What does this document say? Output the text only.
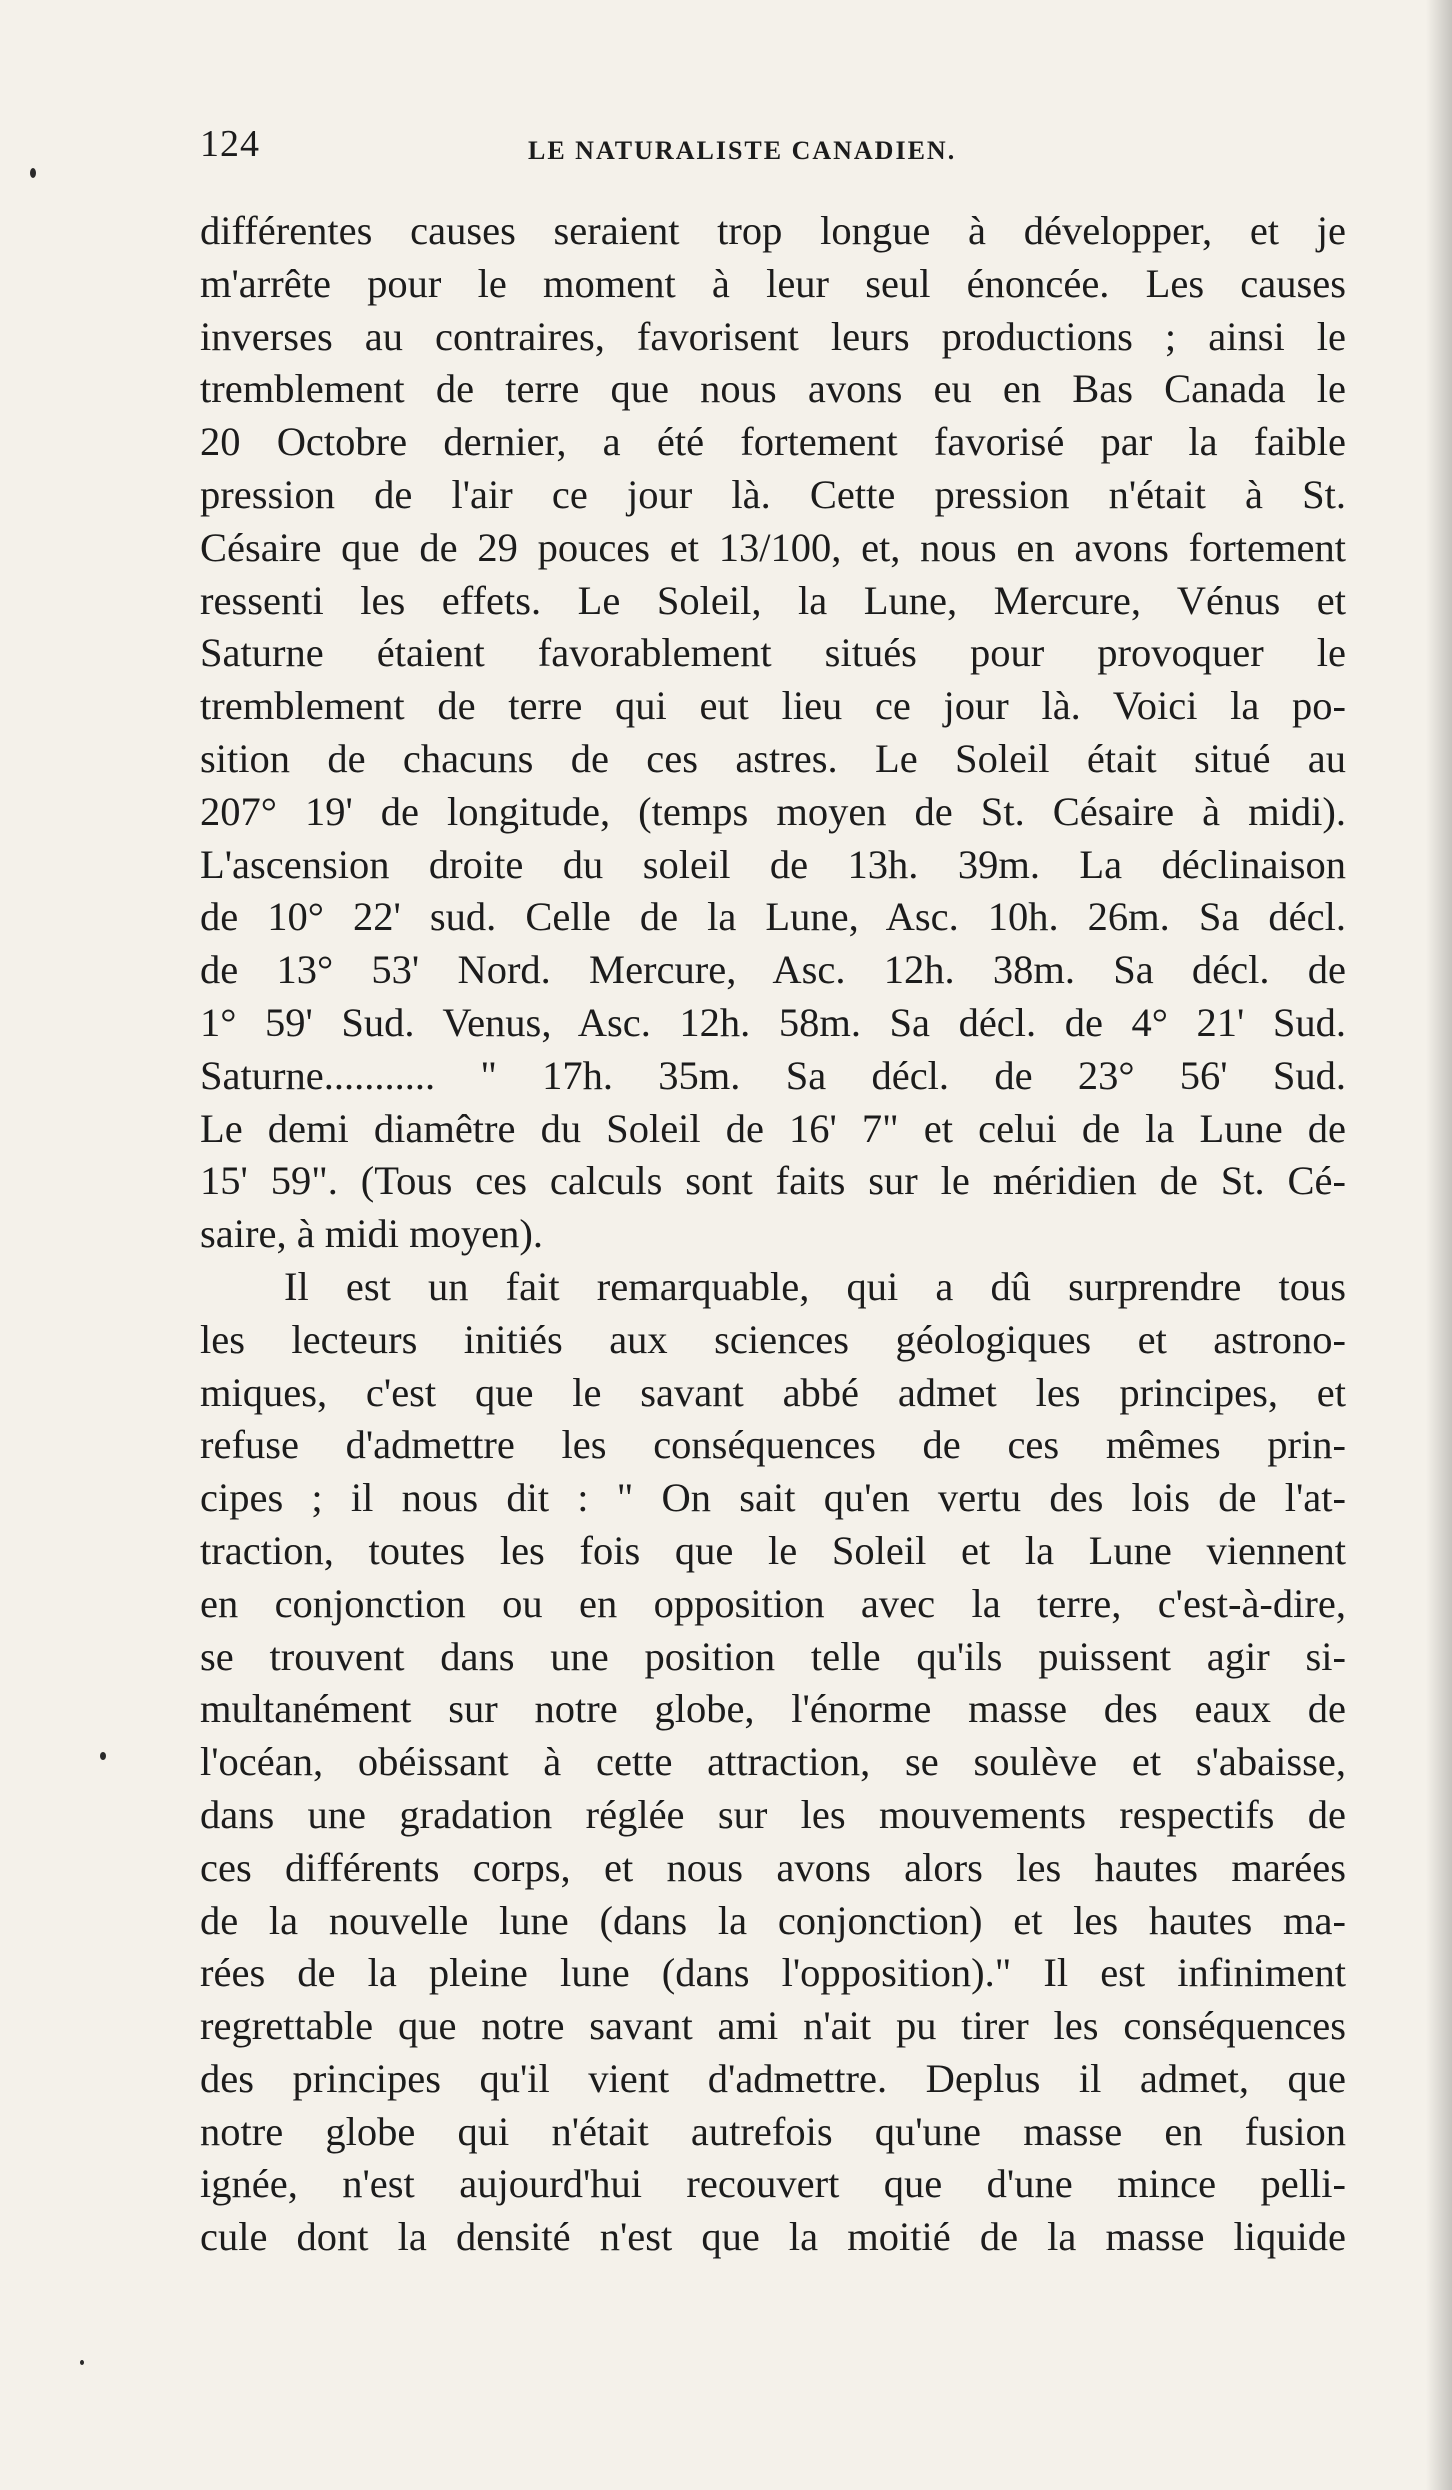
124	LE NATURALISTE CANADIEN.
différentes causes seraient trop longue à développer, et je
m'arrête pour le moment à leur seul énoncée. Les causes
inverses au contraires, favorisent leurs productions ; ainsi le
tremblement de terre que nous avons eu en Bas Canada le
20 Octobre dernier, a été fortement favorisé par la faible
pression de l'air ce jour là. Cette pression n'était à St.
Césaire que de 29 pouces et 13/100, et, nous en avons fortement
ressenti les effets. Le Soleil, la Lune, Mercure, Vénus et
Saturne étaient favorablement situés pour provoquer le
tremblement de terre qui eut lieu ce jour là. Voici la po-
sition de chacuns de ces astres. Le Soleil était situé au
207° 19' de longitude, (temps moyen de St. Césaire à midi).
L'ascension droite du soleil de 13h. 39m. La déclinaison
de 10° 22' sud. Celle de la Lune, Asc. 10h. 26m. Sa décl.
de 13° 53' Nord. Mercure, Asc. 12h. 38m. Sa décl. de
1° 59' Sud. Venus, Asc. 12h. 58m. Sa décl. de 4° 21' Sud.
Saturne........... " 17h. 35m. Sa décl. de 23° 56' Sud.
Le demi diamêtre du Soleil de 16' 7" et celui de la Lune de
15' 59". (Tous ces calculs sont faits sur le méridien de St. Cé-
saire, à midi moyen).
Il est un fait remarquable, qui a dû surprendre tous
les lecteurs initiés aux sciences géologiques et astrono-
miques, c'est que le savant abbé admet les principes, et
refuse d'admettre les conséquences de ces mêmes prin-
cipes ; il nous dit : " On sait qu'en vertu des lois de l'at-
traction, toutes les fois que le Soleil et la Lune viennent
en conjonction ou en opposition avec la terre, c'est-à-dire,
se trouvent dans une position telle qu'ils puissent agir si-
multanément sur notre globe, l'énorme masse des eaux de
l'océan, obéissant à cette attraction, se soulève et s'abaisse,
dans une gradation réglée sur les mouvements respectifs de
ces différents corps, et nous avons alors les hautes marées
de la nouvelle lune (dans la conjonction) et les hautes ma-
rées de la pleine lune (dans l'opposition)." Il est infiniment
regrettable que notre savant ami n'ait pu tirer les conséquences
des principes qu'il vient d'admettre. Deplus il admet, que
notre globe qui n'était autrefois qu'une masse en fusion
ignée, n'est aujourd'hui recouvert que d'une mince pelli-
cule dont la densité n'est que la moitié de la masse liquide
